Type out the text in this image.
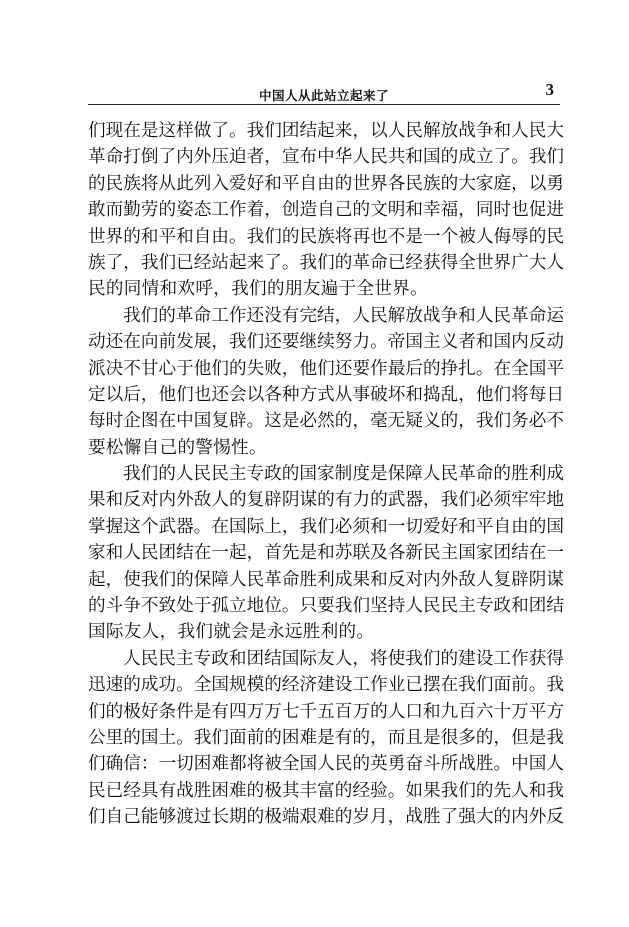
中国人从此站立起来了	3
们现在是这样做了。我们团结起来，以人民解放战争和人民大
革命打倒了内外压迫者，宣布中华人民共和国的成立了。我们
的民族将从此列入爱好和平自由的世界各民族的大家庭，以勇
敢而勤劳的姿态工作着，创造自己的文明和幸福，同时也促进
世界的和平和自由。我们的民族将再也不是一个被人侮辱的民
族了，我们已经站起来了。我们的革命已经获得全世界广大人
民的同情和欢呼，我们的朋友遍于全世界。
我们的革命工作还没有完结，人民解放战争和人民革命运
动还在向前发展，我们还要继续努力。帝国主义者和国内反动
派决不甘心于他们的失败，他们还要作最后的挣扎。在全国平
定以后，他们也还会以各种方式从事破坏和捣乱，他们将每日
每时企图在中国复辟。这是必然的，毫无疑义的，我们务必不
要松懈自己的警惕性。
我们的人民民主专政的国家制度是保障人民革命的胜利成
果和反对内外敌人的复辟阴谋的有力的武器，我们必须牢牢地
掌握这个武器。在国际上，我们必须和一切爱好和平自由的国
家和人民团结在一起，首先是和苏联及各新民主国家团结在一
起，使我们的保障人民革命胜利成果和反对内外敌人复辟阴谋
的斗争不致处于孤立地位。只要我们坚持人民民主专政和团结
国际友人，我们就会是永远胜利的。
人民民主专政和团结国际友人，将使我们的建设工作获得
迅速的成功。全国规模的经济建设工作业已摆在我们面前。我
们的极好条件是有四万万七千五百万的人口和九百六十万平方
公里的国土。我们面前的困难是有的，而且是很多的，但是我
们确信：一切困难都将被全国人民的英勇奋斗所战胜。中国人
民已经具有战胜困难的极其丰富的经验。如果我们的先人和我
们自己能够渡过长期的极端艰难的岁月，战胜了强大的内外反
